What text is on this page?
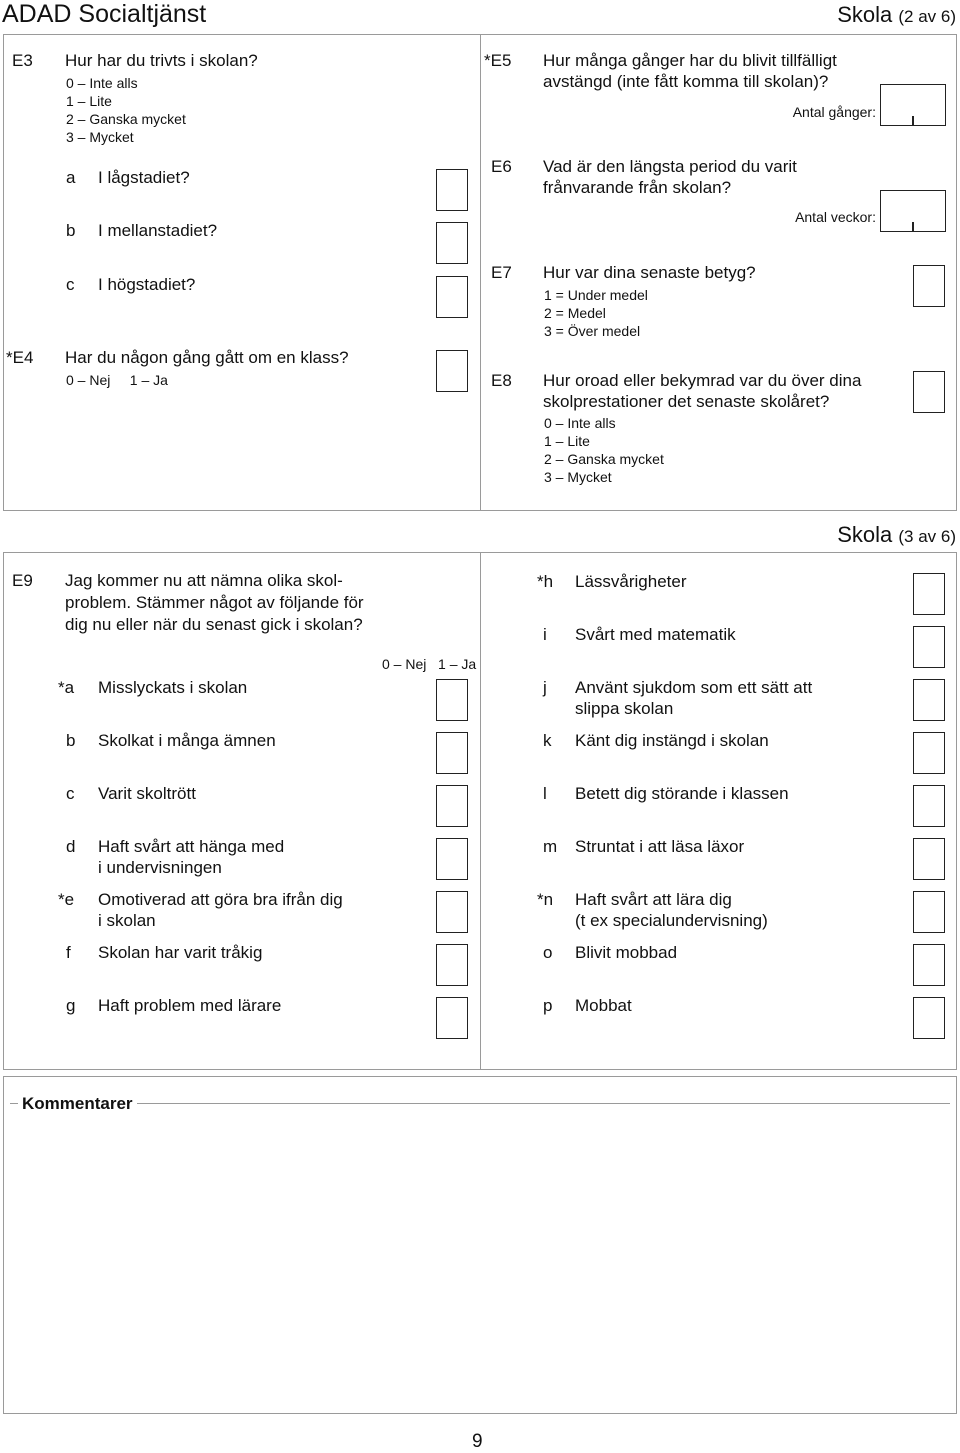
ADAD Socialtjänst	Skola (2 av 6)
E3 Hur har du trivts i skolan?
0 – Inte alls
1 – Lite
2 – Ganska mycket
3 – Mycket
a I lågstadiet?
b I mellanstadiet?
c I högstadiet?
*E4 Har du någon gång gått om en klass?
0 – Nej     1 – Ja
*E5 Hur många gånger har du blivit tillfälligt
avstängd (inte fått komma till skolan)?
Antal gånger:
E6 Vad är den längsta period du varit
frånvarande från skolan?
Antal veckor:
E7 Hur var dina senaste betyg?
1 = Under medel
2 = Medel
3 = Över medel
E8 Hur oroad eller bekymrad var du över dina
skolprestationer det senaste skolåret?
0 – Inte alls
1 – Lite
2 – Ganska mycket
3 – Mycket
Skola (3 av 6)
E9 Jag kommer nu att nämna olika skol-
problem. Stämmer något av följande för
dig nu eller när du senast gick i skolan?
0 – Nej   1 – Ja
*a Misslyckats i skolan
b Skolkat i många ämnen
c Varit skoltrött
d Haft svårt att hänga med
i undervisningen
*e Omotiverad att göra bra ifrån dig
i skolan
f Skolan har varit tråkig
g Haft problem med lärare
*h Lässvårigheter
i Svårt med matematik
j Använt sjukdom som ett sätt att
slippa skolan
k Känt dig instängd i skolan
l Betett dig störande i klassen
m Struntat i att läsa läxor
*n Haft svårt att lära dig
(t ex specialundervisning)
o Blivit mobbad
p Mobbat
Kommentarer
9
